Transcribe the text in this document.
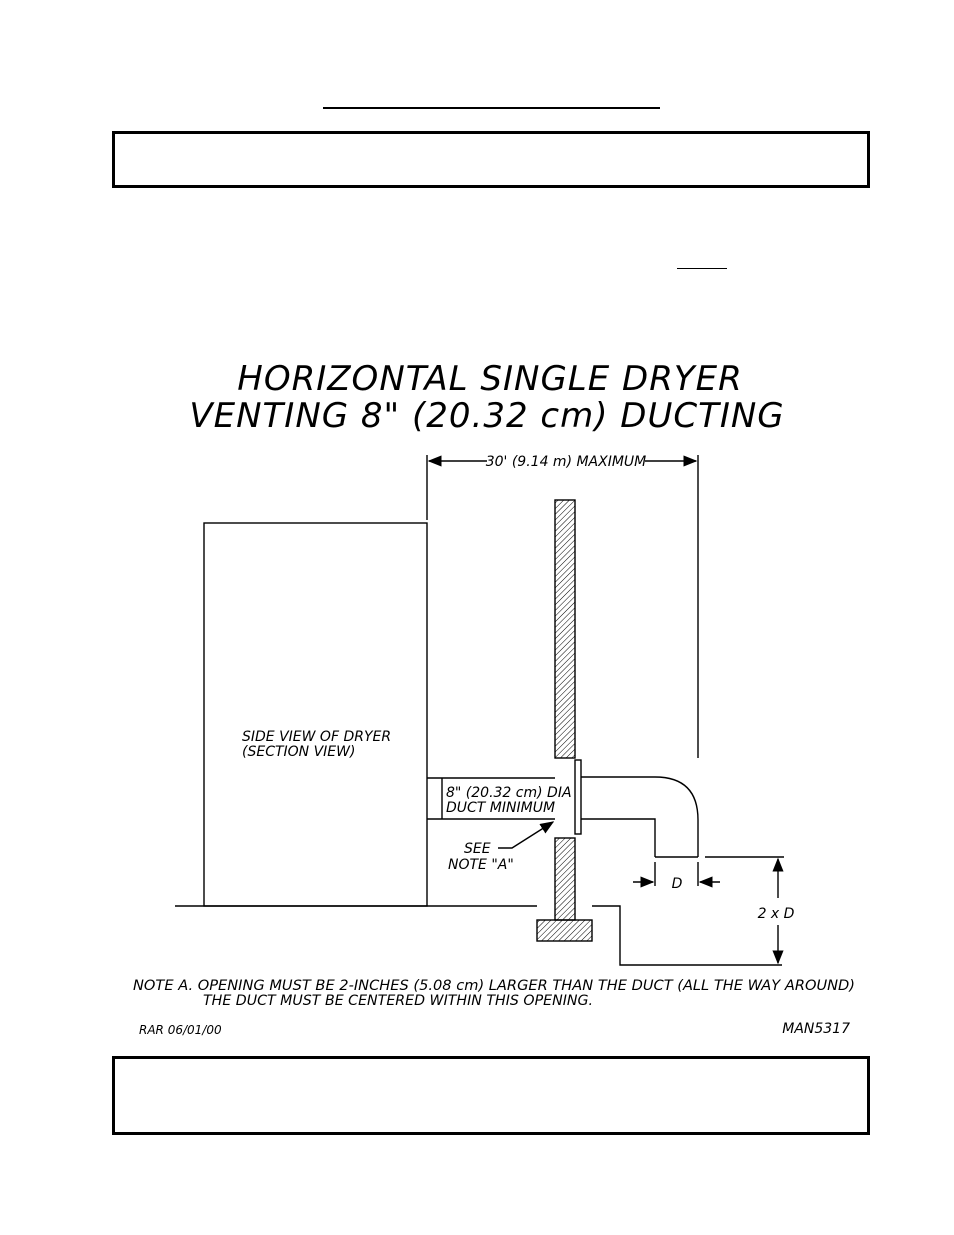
HORIZONTAL SINGLE DRYER
VENTING 8" (20.32 cm) DUCTING
30' (9.14 m) MAXIMUM
SIDE VIEW OF DRYER
(SECTION VIEW)
8" (20.32 cm) DIA
DUCT MINIMUM
SEE
NOTE "A"
D
2 x D
NOTE A. OPENING MUST BE 2-INCHES (5.08 cm) LARGER THAN THE DUCT (ALL THE WAY AROUND)
THE DUCT MUST BE CENTERED WITHIN THIS OPENING.
RAR 06/01/00	MAN5317
